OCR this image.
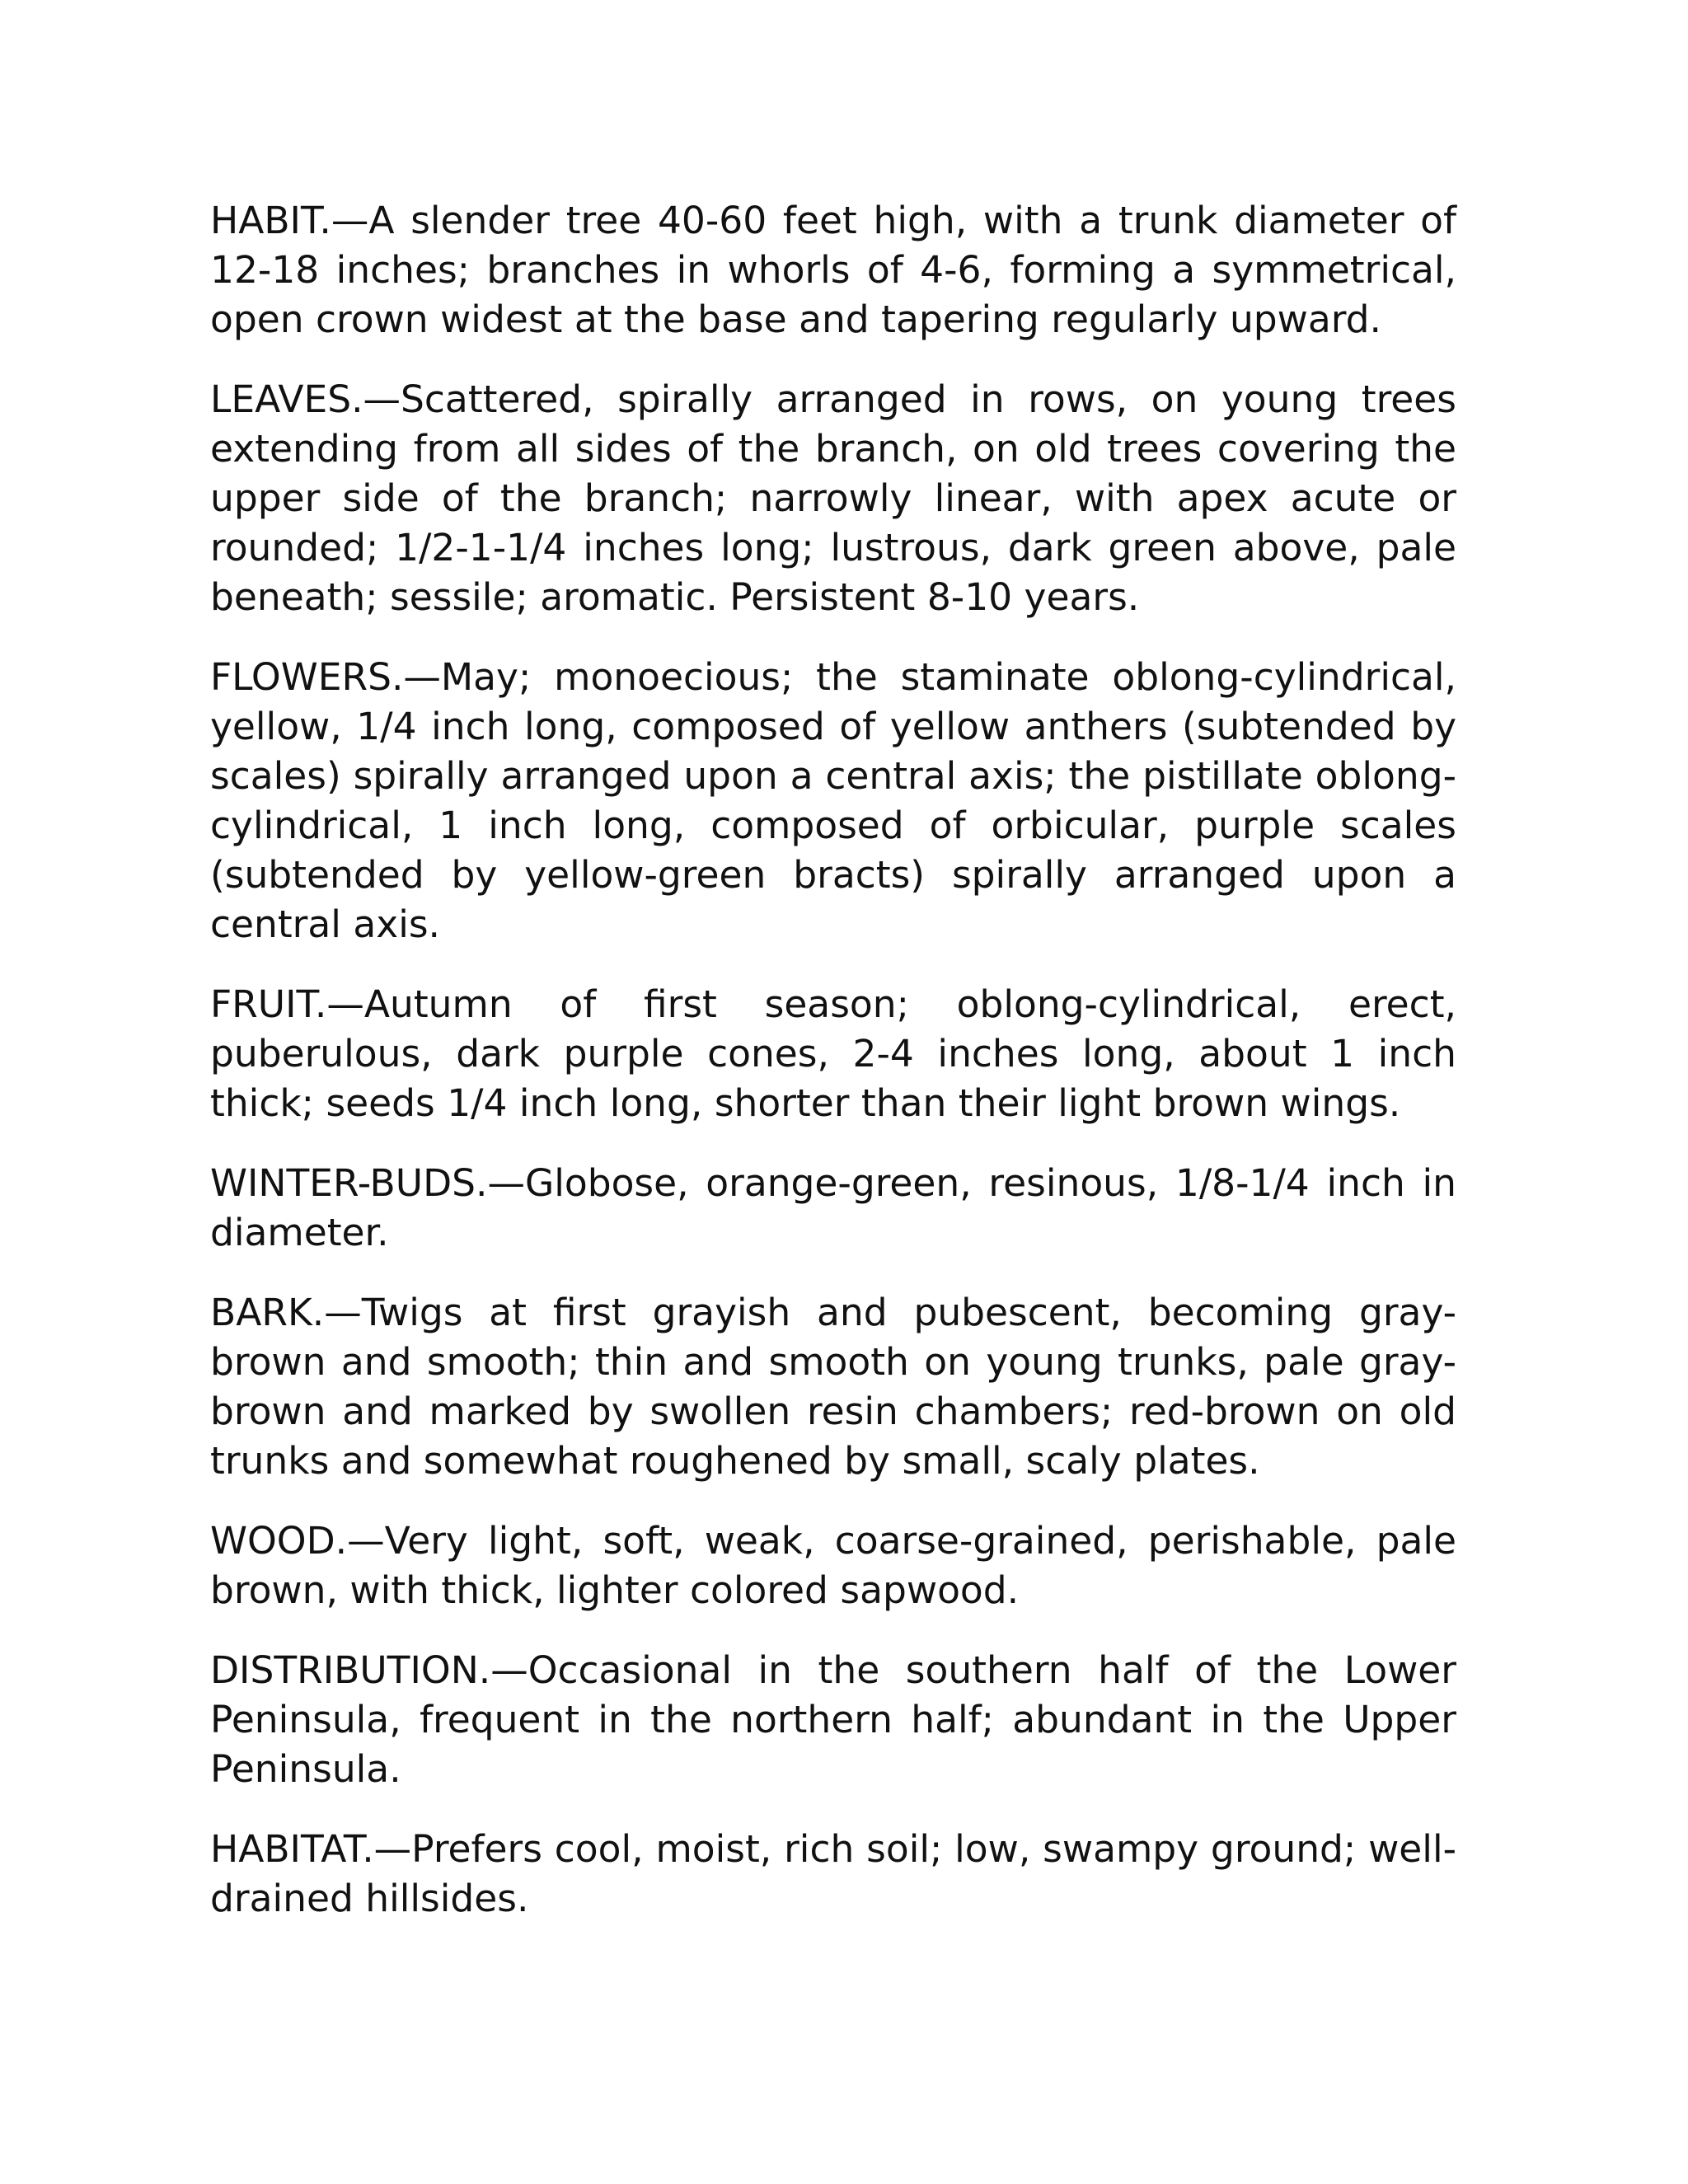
HABIT.—A slender tree 40-60 feet high, with a trunk diameter of 12-18 inches; branches in whorls of 4-6, forming a symmetrical, open crown widest at the base and tapering regularly upward.

LEAVES.—Scattered, spirally arranged in rows, on young trees extending from all sides of the branch, on old trees covering the upper side of the branch; narrowly linear, with apex acute or rounded; 1/2-1-1/4 inches long; lustrous, dark green above, pale beneath; sessile; aromatic. Persistent 8-10 years.

FLOWERS.—May; monoecious; the staminate oblong-cylindrical, yellow, 1/4 inch long, composed of yellow anthers (subtended by scales) spirally arranged upon a central axis; the pistillate oblong-cylindrical, 1 inch long, composed of orbicular, purple scales (subtended by yellow-green bracts) spirally arranged upon a central axis.

FRUIT.—Autumn of first season; oblong-cylindrical, erect, puberulous, dark purple cones, 2-4 inches long, about 1 inch thick; seeds 1/4 inch long, shorter than their light brown wings.

WINTER-BUDS.—Globose, orange-green, resinous, 1/8-1/4 inch in diameter.

BARK.—Twigs at first grayish and pubescent, becoming gray-brown and smooth; thin and smooth on young trunks, pale gray-brown and marked by swollen resin chambers; red-brown on old trunks and somewhat roughened by small, scaly plates.

WOOD.—Very light, soft, weak, coarse-grained, perishable, pale brown, with thick, lighter colored sapwood.

DISTRIBUTION.—Occasional in the southern half of the Lower Peninsula, frequent in the northern half; abundant in the Upper Peninsula.

HABITAT.—Prefers cool, moist, rich soil; low, swampy ground; well-drained hillsides.
